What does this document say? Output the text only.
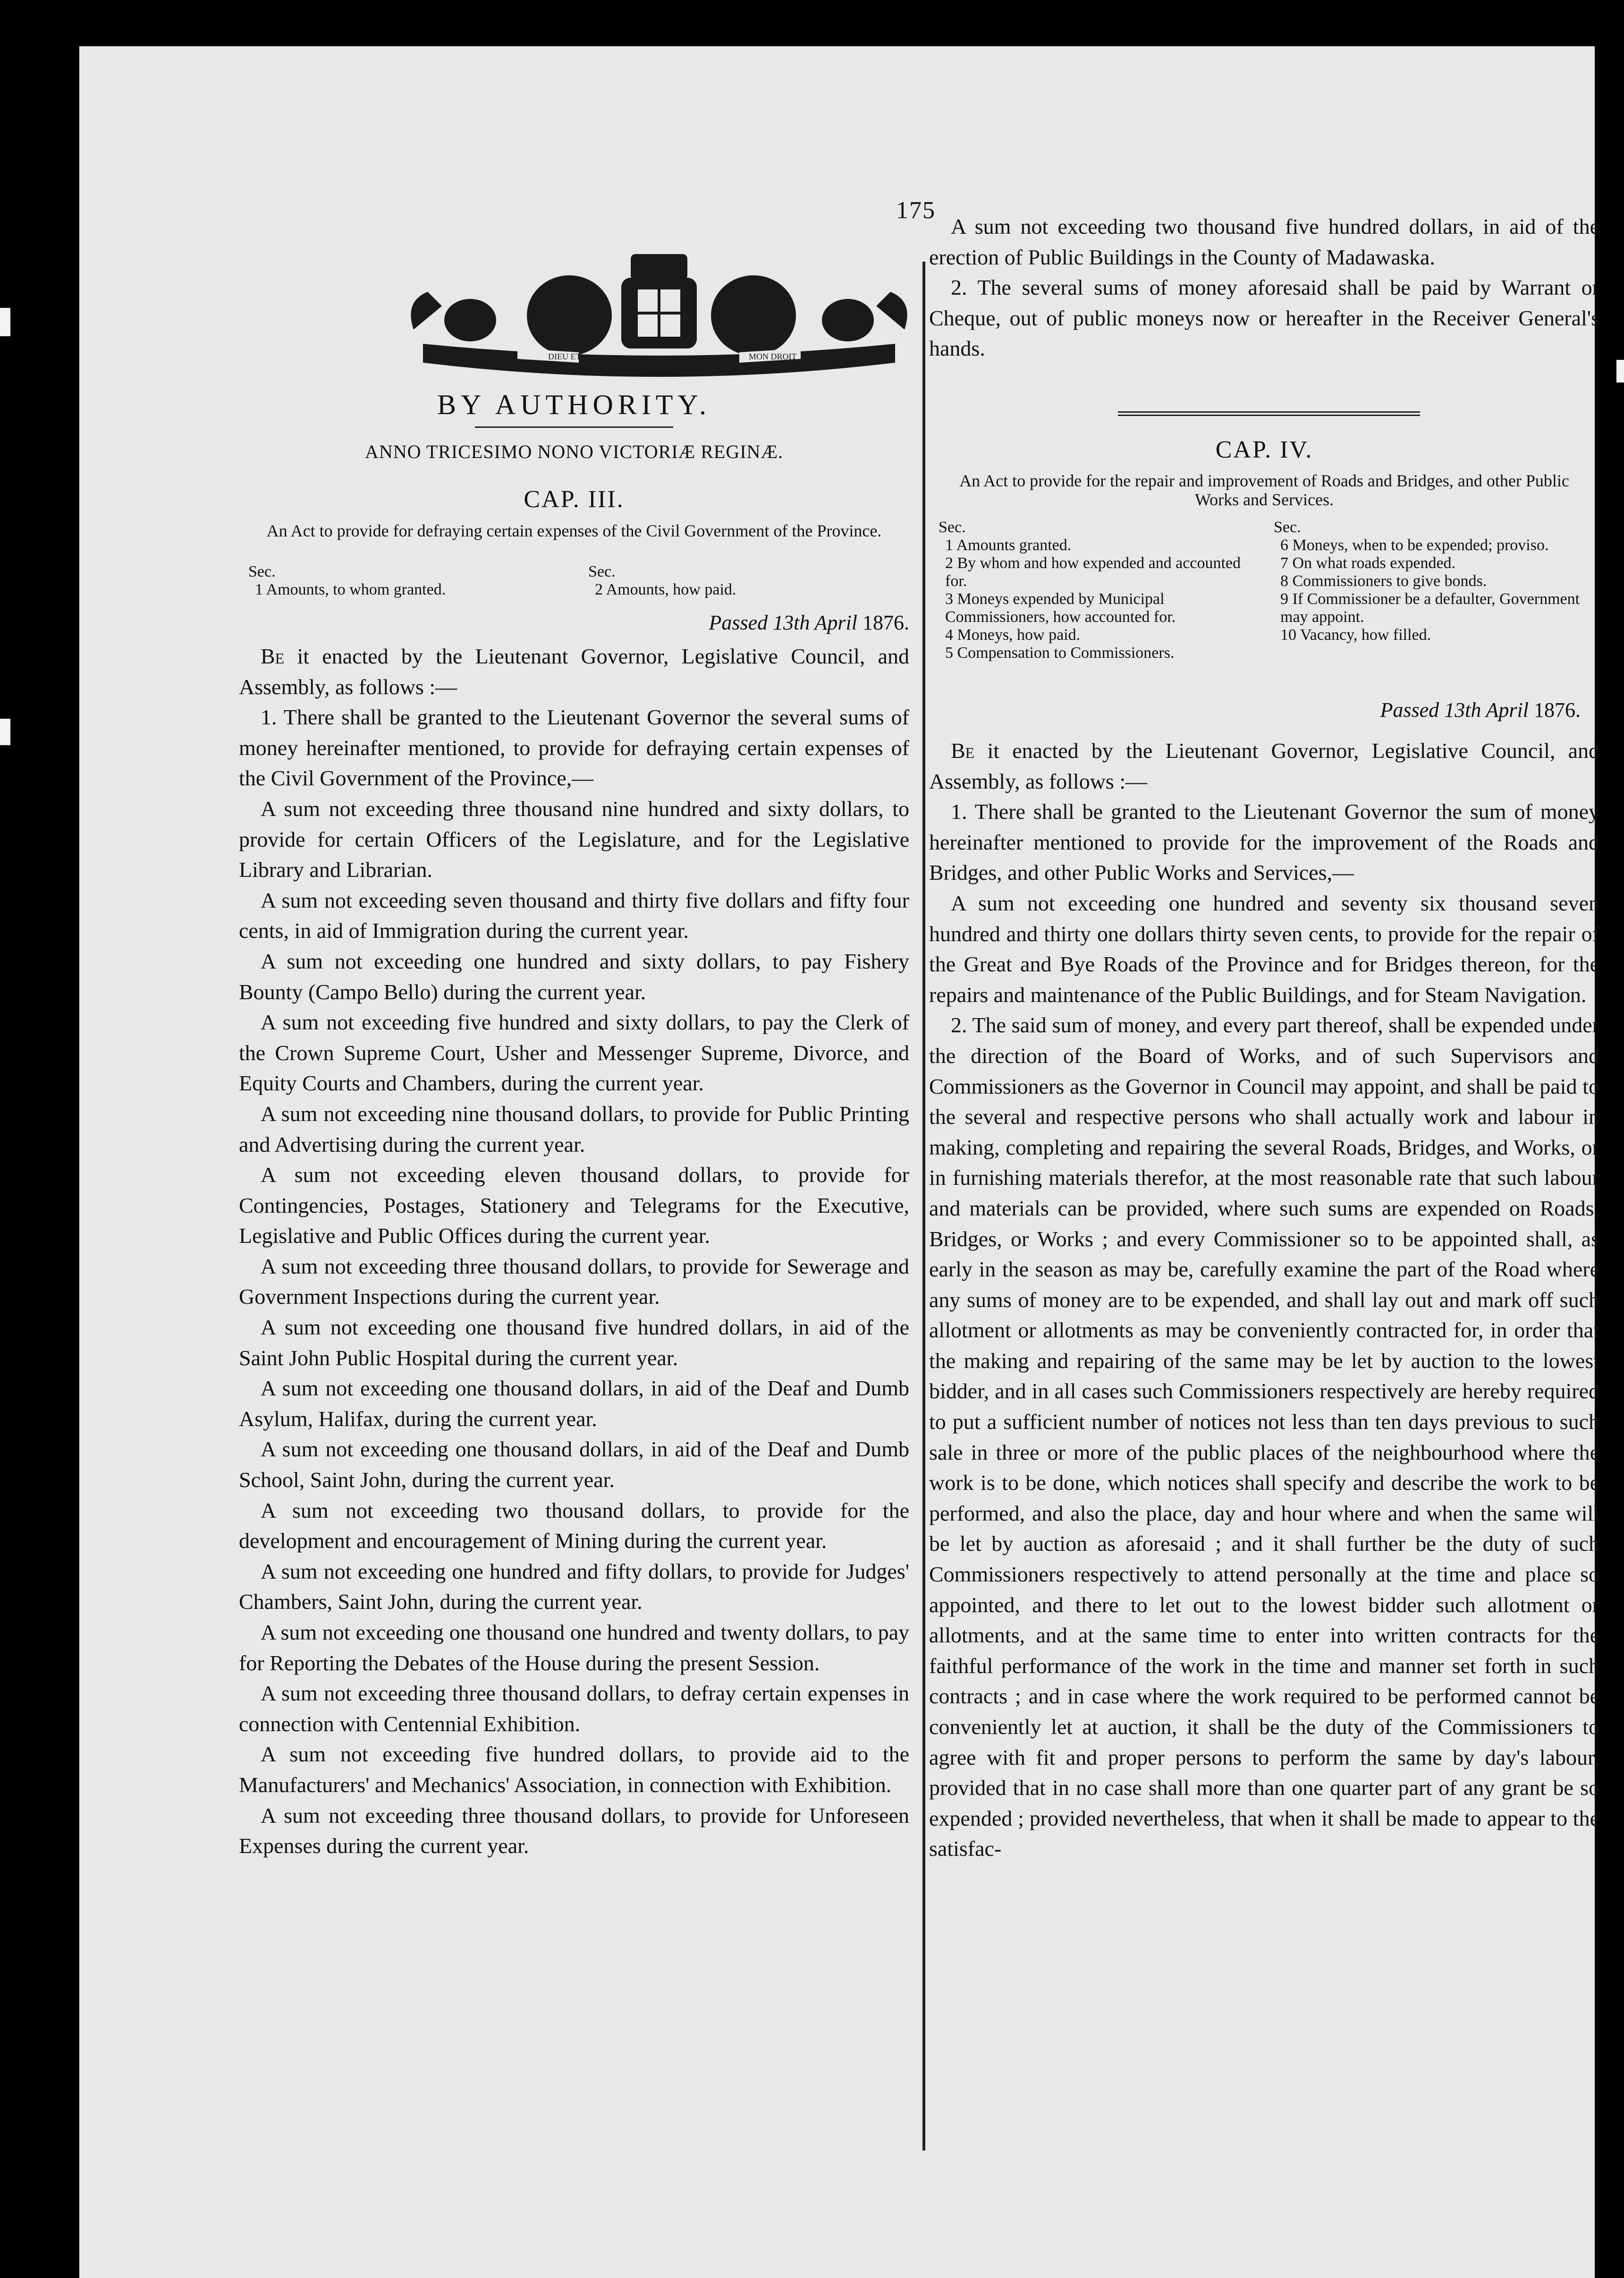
175
DIEU ET	MON DROIT
BY AUTHORITY.
ANNO TRICESIMO NONO VICTORIÆ REGINÆ.
CAP. III.
An Act to provide for defraying certain expenses of the Civil Government of the Province.
Sec.
1 Amounts, to whom granted.
Sec.
2 Amounts, how paid.
Passed 13th April 1876.

Be it enacted by the Lieutenant Governor, Legislative Council, and Assembly, as follows :—

1. There shall be granted to the Lieutenant Governor the several sums of money hereinafter mentioned, to provide for defraying certain expenses of the Civil Government of the Province,—

A sum not exceeding three thousand nine hundred and sixty dollars, to provide for certain Officers of the Legislature, and for the Legislative Library and Librarian.

A sum not exceeding seven thousand and thirty five dollars and fifty four cents, in aid of Immigration during the current year.

A sum not exceeding one hundred and sixty dollars, to pay Fishery Bounty (Campo Bello) during the current year.

A sum not exceeding five hundred and sixty dollars, to pay the Clerk of the Crown Supreme Court, Usher and Messenger Supreme, Divorce, and Equity Courts and Chambers, during the current year.

A sum not exceeding nine thousand dollars, to provide for Public Printing and Advertising during the current year.

A sum not exceeding eleven thousand dollars, to provide for Contingencies, Postages, Stationery and Telegrams for the Executive, Legislative and Public Offices during the current year.

A sum not exceeding three thousand dollars, to provide for Sewerage and Government Inspections during the current year.

A sum not exceeding one thousand five hundred dollars, in aid of the Saint John Public Hospital during the current year.

A sum not exceeding one thousand dollars, in aid of the Deaf and Dumb Asylum, Halifax, during the current year.

A sum not exceeding one thousand dollars, in aid of the Deaf and Dumb School, Saint John, during the current year.

A sum not exceeding two thousand dollars, to provide for the development and encouragement of Mining during the current year.

A sum not exceeding one hundred and fifty dollars, to provide for Judges' Chambers, Saint John, during the current year.

A sum not exceeding one thousand one hundred and twenty dollars, to pay for Reporting the Debates of the House during the present Session.

A sum not exceeding three thousand dollars, to defray certain expenses in connection with Centennial Exhibition.

A sum not exceeding five hundred dollars, to provide aid to the Manufacturers' and Mechanics' Association, in connection with Exhibition.

A sum not exceeding three thousand dollars, to provide for Unforeseen Expenses during the current year.

A sum not exceeding two thousand five hundred dollars, in aid of the erection of Public Buildings in the County of Madawaska.

2. The several sums of money aforesaid shall be paid by Warrant or Cheque, out of public moneys now or hereafter in the Receiver General's hands.

CAP. IV.
An Act to provide for the repair and improvement of Roads and Bridges, and other Public Works and Services.
Sec.
1 Amounts granted.
2 By whom and how expended and accounted for.
3 Moneys expended by Municipal Commissioners, how accounted for.
4 Moneys, how paid.
5 Compensation to Commissioners.
Sec.
6 Moneys, when to be expended; proviso.
7 On what roads expended.
8 Commissioners to give bonds.
9 If Commissioner be a defaulter, Government may appoint.
10 Vacancy, how filled.
Passed 13th April 1876.

Be it enacted by the Lieutenant Governor, Legislative Council, and Assembly, as follows :—

1. There shall be granted to the Lieutenant Governor the sum of money hereinafter mentioned to provide for the improvement of the Roads and Bridges, and other Public Works and Services,—

A sum not exceeding one hundred and seventy six thousand seven hundred and thirty one dollars thirty seven cents, to provide for the repair of the Great and Bye Roads of the Province and for Bridges thereon, for the repairs and maintenance of the Public Buildings, and for Steam Navigation.

2. The said sum of money, and every part thereof, shall be expended under the direction of the Board of Works, and of such Supervisors and Commissioners as the Governor in Council may appoint, and shall be paid to the several and respective persons who shall actually work and labour in making, completing and repairing the several Roads, Bridges, and Works, or in furnishing materials therefor, at the most reasonable rate that such labour and materials can be provided, where such sums are expended on Roads, Bridges, or Works ; and every Commissioner so to be appointed shall, as early in the season as may be, carefully examine the part of the Road where any sums of money are to be expended, and shall lay out and mark off such allotment or allotments as may be conveniently contracted for, in order that the making and repairing of the same may be let by auction to the lowest bidder, and in all cases such Commissioners respectively are hereby required to put a sufficient number of notices not less than ten days previous to such sale in three or more of the public places of the neighbourhood where the work is to be done, which notices shall specify and describe the work to be performed, and also the place, day and hour where and when the same will be let by auction as aforesaid ; and it shall further be the duty of such Commissioners respectively to attend personally at the time and place so appointed, and there to let out to the lowest bidder such allotment or allotments, and at the same time to enter into written contracts for the faithful performance of the work in the time and manner set forth in such contracts ; and in case where the work required to be performed cannot be conveniently let at auction, it shall be the duty of the Commissioners to agree with fit and proper persons to perform the same by day's labour, provided that in no case shall more than one quarter part of any grant be so expended ; provided nevertheless, that when it shall be made to appear to the satisfac-
